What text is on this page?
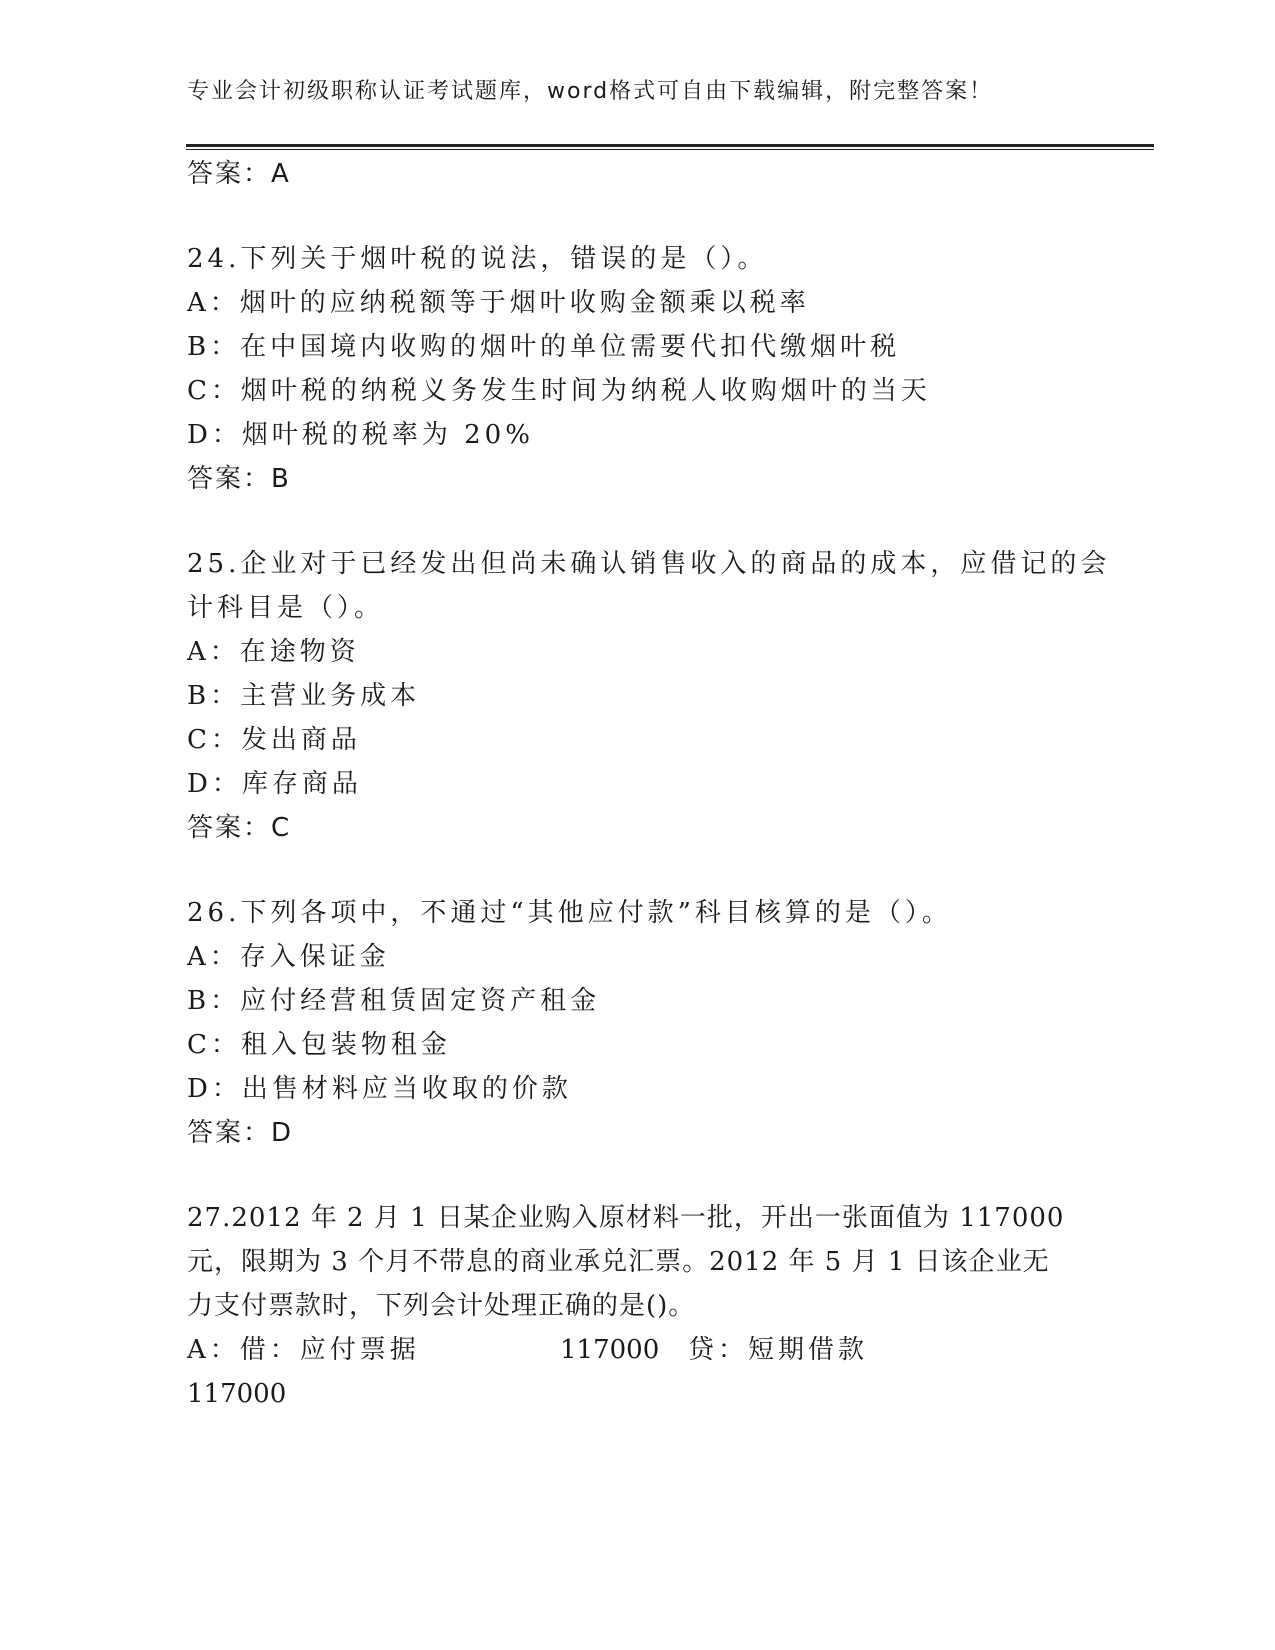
专业会计初级职称认证考试题库，word格式可自由下载编辑，附完整答案！
答案：A
24.下列关于烟叶税的说法，错误的是（）。
A：烟叶的应纳税额等于烟叶收购金额乘以税率
B：在中国境内收购的烟叶的单位需要代扣代缴烟叶税
C：烟叶税的纳税义务发生时间为纳税人收购烟叶的当天
D：烟叶税的税率为 20%
答案：B
25.企业对于已经发出但尚未确认销售收入的商品的成本，应借记的会
计科目是（）。
A：在途物资
B：主营业务成本
C：发出商品
D：库存商品
答案：C
26.下列各项中，不通过“其他应付款”科目核算的是（）。
A：存入保证金
B：应付经营租赁固定资产租金
C：租入包装物租金
D：出售材料应当收取的价款
答案：D
27.2012 年 2 月 1 日某企业购入原材料一批，开出一张面值为 117000
元，限期为 3 个月不带息的商业承兑汇票。2012 年 5 月 1 日该企业无
力支付票款时，下列会计处理正确的是()。
A：借：应付票据	117000 贷：短期借款
117000
